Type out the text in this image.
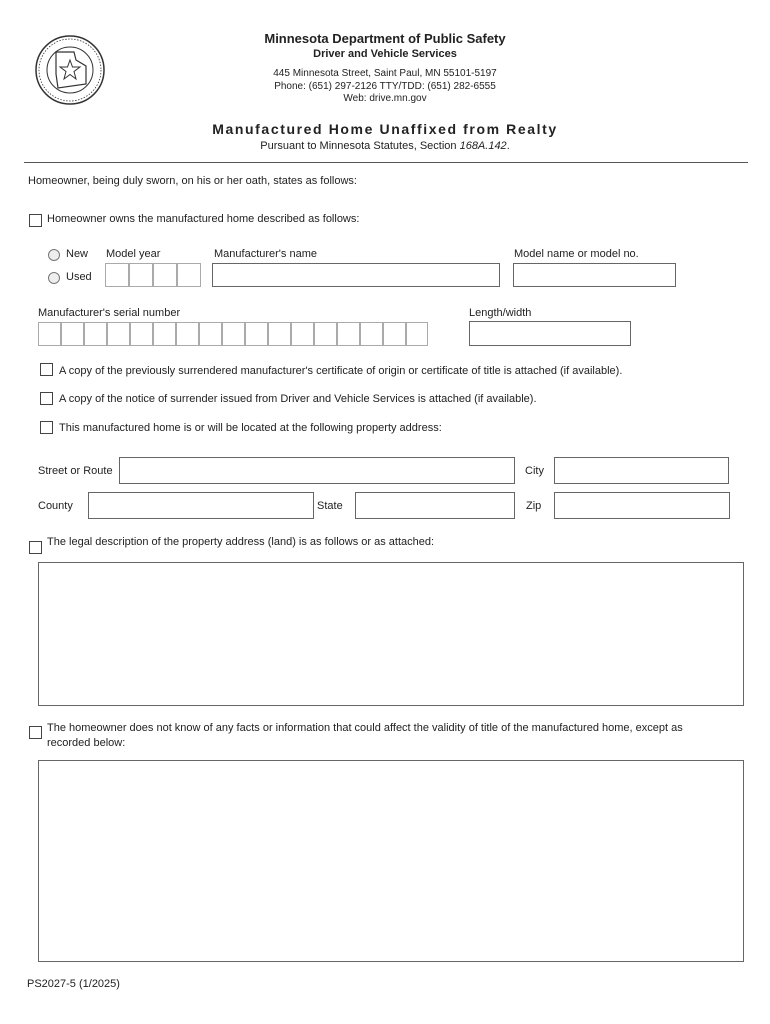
Minnesota Department of Public Safety
Driver and Vehicle Services
445 Minnesota Street, Saint Paul, MN 55101-5197
Phone: (651) 297-2126 TTY/TDD: (651) 282-6555
Web: drive.mn.gov
Manufactured Home Unaffixed from Realty
Pursuant to Minnesota Statutes, Section 168A.142.
Homeowner, being duly sworn, on his or her oath, states as follows:
Homeowner owns the manufactured home described as follows:
New
Used
Model year	Manufacturer's name	Model name or model no.
Manufacturer's serial number	Length/width
A copy of the previously surrendered manufacturer's certificate of origin or certificate of title is attached (if available).
A copy of the notice of surrender issued from Driver and Vehicle Services is attached (if available).
This manufactured home is or will be located at the following property address:
Street or Route	City
County	State	Zip
The legal description of the property address (land) is as follows or as attached:
The homeowner does not know of any facts or information that could affect the validity of title of the manufactured home, except as
recorded below:
PS2027-5 (1/2025)
